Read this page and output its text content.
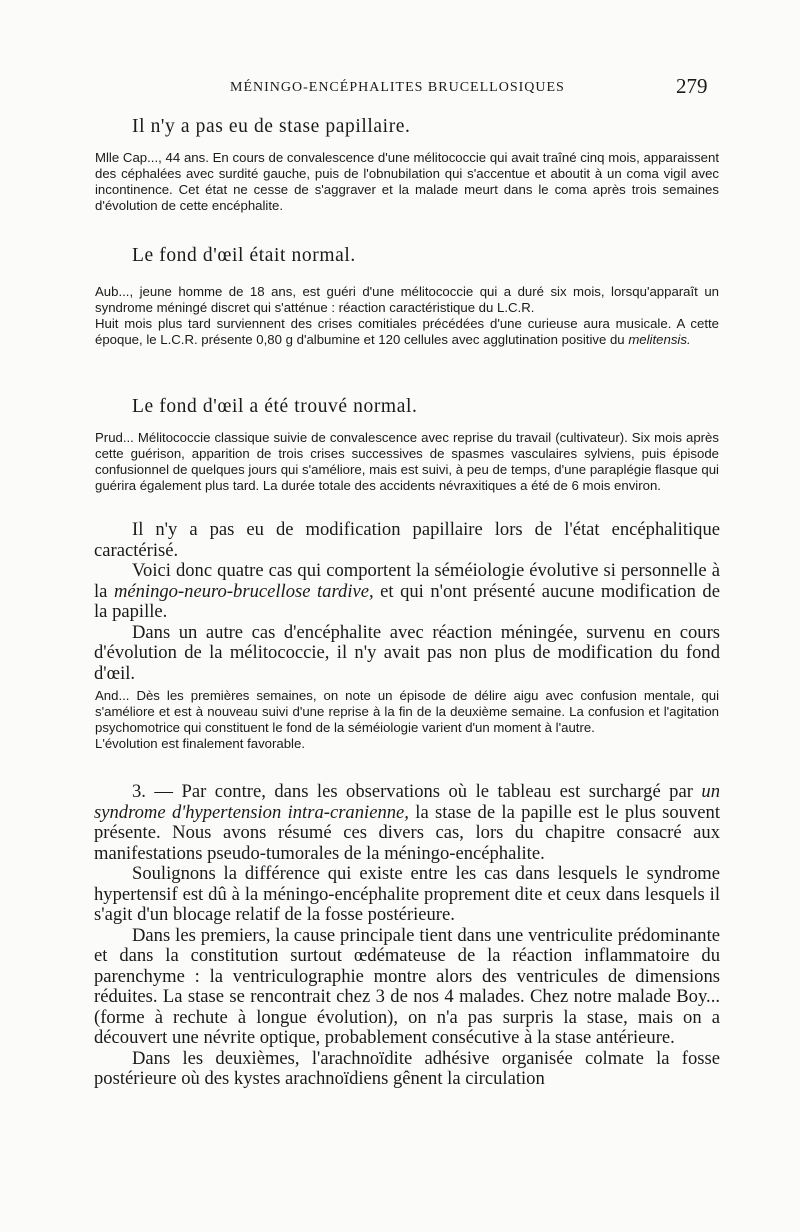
MÉNINGO-ENCÉPHALITES BRUCELLOSIQUES	279
Il n'y a pas eu de stase papillaire.

Mlle Cap..., 44 ans. En cours de convalescence d'une mélitococcie qui avait traîné cinq mois, apparaissent des céphalées avec surdité gauche, puis de l'obnubilation qui s'accentue et aboutit à un coma vigil avec incontinence. Cet état ne cesse de s'aggraver et la malade meurt dans le coma après trois semaines d'évolution de cette encéphalite.

Le fond d'œil était normal.

Aub..., jeune homme de 18 ans, est guéri d'une mélitococcie qui a duré six mois, lorsqu'apparaît un syndrome méningé discret qui s'atténue : réaction caractéristique du L.C.R.

Huit mois plus tard surviennent des crises comitiales précédées d'une curieuse aura musicale. A cette époque, le L.C.R. présente 0,80 g d'albumine et 120 cellules avec agglutination positive du melitensis.

Le fond d'œil a été trouvé normal.

Prud... Mélitococcie classique suivie de convalescence avec reprise du travail (cultivateur). Six mois après cette guérison, apparition de trois crises successives de spasmes vasculaires sylviens, puis épisode confusionnel de quelques jours qui s'améliore, mais est suivi, à peu de temps, d'une paraplégie flasque qui guérira également plus tard. La durée totale des accidents névraxitiques a été de 6 mois environ.

Il n'y a pas eu de modification papillaire lors de l'état encéphalitique caractérisé.

Voici donc quatre cas qui comportent la séméiologie évolutive si personnelle à la méningo-neuro-brucellose tardive, et qui n'ont présenté aucune modification de la papille.

Dans un autre cas d'encéphalite avec réaction méningée, survenu en cours d'évolution de la mélitococcie, il n'y avait pas non plus de modification du fond d'œil.

And... Dès les premières semaines, on note un épisode de délire aigu avec confusion mentale, qui s'améliore et est à nouveau suivi d'une reprise à la fin de la deuxième semaine. La confusion et l'agitation psychomotrice qui constituent le fond de la séméiologie varient d'un moment à l'autre.

L'évolution est finalement favorable.

3. — Par contre, dans les observations où le tableau est surchargé par un syndrome d'hypertension intra-cranienne, la stase de la papille est le plus souvent présente. Nous avons résumé ces divers cas, lors du chapitre consacré aux manifestations pseudo-tumorales de la méningo-encéphalite.

Soulignons la différence qui existe entre les cas dans lesquels le syndrome hypertensif est dû à la méningo-encéphalite proprement dite et ceux dans lesquels il s'agit d'un blocage relatif de la fosse postérieure.

Dans les premiers, la cause principale tient dans une ventriculite prédominante et dans la constitution surtout œdémateuse de la réaction inflammatoire du parenchyme : la ventriculographie montre alors des ventricules de dimensions réduites. La stase se rencontrait chez 3 de nos 4 malades. Chez notre malade Boy... (forme à rechute à longue évolution), on n'a pas surpris la stase, mais on a découvert une névrite optique, probablement consécutive à la stase antérieure.

Dans les deuxièmes, l'arachnoïdite adhésive organisée colmate la fosse postérieure où des kystes arachnoïdiens gênent la circulation
